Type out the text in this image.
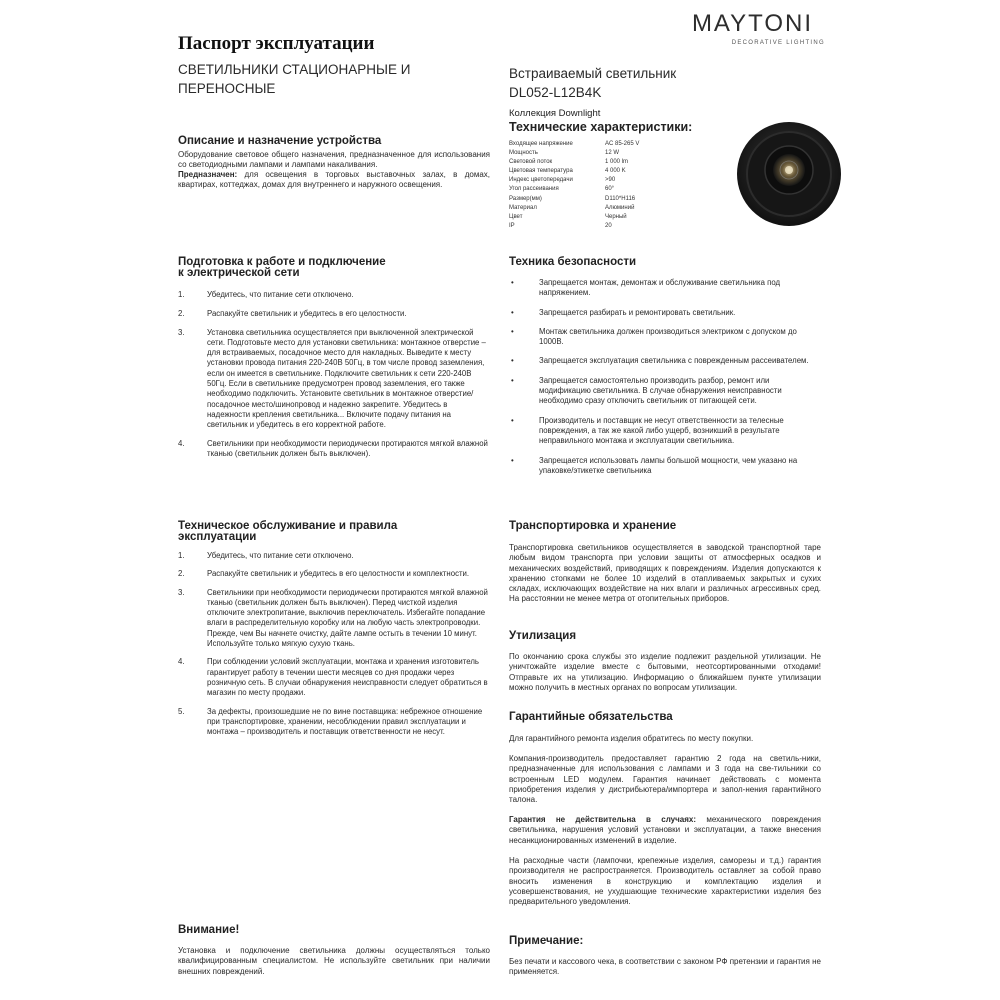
Паспорт эксплуатации
СВЕТИЛЬНИКИ СТАЦИОНАРНЫЕ И
ПЕРЕНОСНЫЕ
MAYTONI
DECORATIVE LIGHTING
Встраиваемый светильник
DL052-L12B4K
Коллекция Downlight
Технические характеристики:
Входящее напряжение	AC 85-265 V
Мощность	12 W
Световой поток	1 000 lm
Цветовая температура	4 000 K
Индекс цветопередачи	>90
Угол рассеивания	60°
Размер(мм)	D110*H116
Материал	Алюминий
Цвет	Черный
IP	20
Описание и назначение устройства
Оборудование световое общего назначения, предназначенное для использования со светодиодными лампами и лампами накаливания.
Предназначен: для освещения в торговых выставочных залах, в домах, квартирах, коттеджах, домах для внутреннего и наружного освещения.
Подготовка к работе и подключение
к электрической сети
1.	Убедитесь, что питание сети отключено.
2.	Распакуйте светильник и убедитесь в его целостности.
3.	Установка светильника осуществляется при выключенной электрической сети. Подготовьте место для установки светильника: монтажное отверстие – для встраиваемых, посадочное место для накладных. Выведите к месту установки провода питания 220-240В 50Гц, в том числе провод заземления, если он имеется в светильнике. Подключите светильник к сети 220-240В 50Гц. Если в светильнике предусмотрен провод заземления, его также необходимо подключить. Установите светильник в монтажное отверстие/посадочное место/шинопровод и надежно закрепите. Убедитесь в надежности крепления светильника... Включите подачу питания на светильник и убедитесь в его корректной работе.
4.	Светильники при необходимости периодически протираются мягкой влажной тканью (светильник должен быть выключен).
Техника безопасности
•	Запрещается монтаж, демонтаж и обслуживание светильника под напряжением.
•	Запрещается разбирать и ремонтировать светильник.
•	Монтаж светильника должен производиться электриком с допуском до 1000В.
•	Запрещается эксплуатация светильника с поврежденным рассеивателем.
•	Запрещается самостоятельно производить разбор, ремонт или модификацию светильника. В случае обнаружения неисправности необходимо сразу отключить светильник от питающей сети.
•	Производитель и поставщик не несут ответственности за телесные повреждения, а так же какой либо ущерб, возникший в результате неправильного монтажа и эксплуатации светильника.
•	Запрещается использовать лампы большой мощности, чем указано на упаковке/этикетке светильника
Техническое обслуживание и правила
эксплуатации
1.	Убедитесь, что питание сети отключено.
2.	Распакуйте светильник и убедитесь в его целостности и комплектности.
3.	Светильники при необходимости периодически протираются мягкой влажной тканью (светильник должен быть выключен). Перед чисткой изделия отключите электропитание, выключив переключатель. Избегайте попадание влаги в распределительную коробку или на любую часть электропроводки. Прежде, чем Вы начнете очистку, дайте лампе остыть в течении 10 минут. Используйте только мягкую сухую ткань.
4.	При соблюдении условий эксплуатации, монтажа и хранения изготовитель гарантирует работу в течении шести месяцев со дня продажи через розничную сеть. В случаи обнаружения неисправности следует обратиться в магазин по месту продажи.
5.	За дефекты, произошедшие не по вине поставщика: небрежное отношение при транспортировке, хранении, несоблюдении правил эксплуатации и монтажа – производитель и поставщик ответственности не несут.
Транспортировка и хранение
Транспортировка светильников осуществляется в заводской транспортной таре любым видом транспорта при условии защиты от атмосферных осадков и механических воздействий, приводящих к повреждениям. Изделия допускаются к хранению стопками не более 10 изделий в отапливаемых закрытых и сухих складах, исключающих воздействие на них влаги и различных агрессивных сред. На расстоянии не менее метра от отопительных приборов.
Утилизация
По окончанию срока службы это изделие подлежит раздельной утилизации. Не уничтожайте изделие вместе с бытовыми, неотсортированными отходами! Отправьте их на утилизацию. Информацию о ближайшем пункте утилизации можно получить в местных органах по вопросам утилизации.
Гарантийные обязательства
Для гарантийного ремонта изделия обратитесь по месту покупки.
Компания-производитель предоставляет гарантию 2 года на светиль-ники, предназначенные для использования с лампами и 3 года на све-тильники со встроенным LED модулем. Гарантия начинает действовать с момента приобретения изделия у дистрибьютера/импортера и запол-нения гарантийного талона.
Гарантия не действительна в случаях: механического повреждения светильника, нарушения условий установки и эксплуатации, а также внесения несанкционированных изменений в изделие.
На расходные части (лампочки, крепежные изделия, саморезы и т.д.) гарантия производителя не распространяется. Производитель оставляет за собой право вносить изменения в конструкцию и комплектацию изделия и усовершенствования, не ухудшающие технические характеристики изделия без предварительного уведомления.
Внимание!
Установка и подключение светильника должны осуществляться только квалифицированным специалистом. Не используйте светильник при наличии внешних повреждений.
Примечание:
Без печати и кассового чека, в соответствии с законом РФ претензии и гарантия не применяется.
